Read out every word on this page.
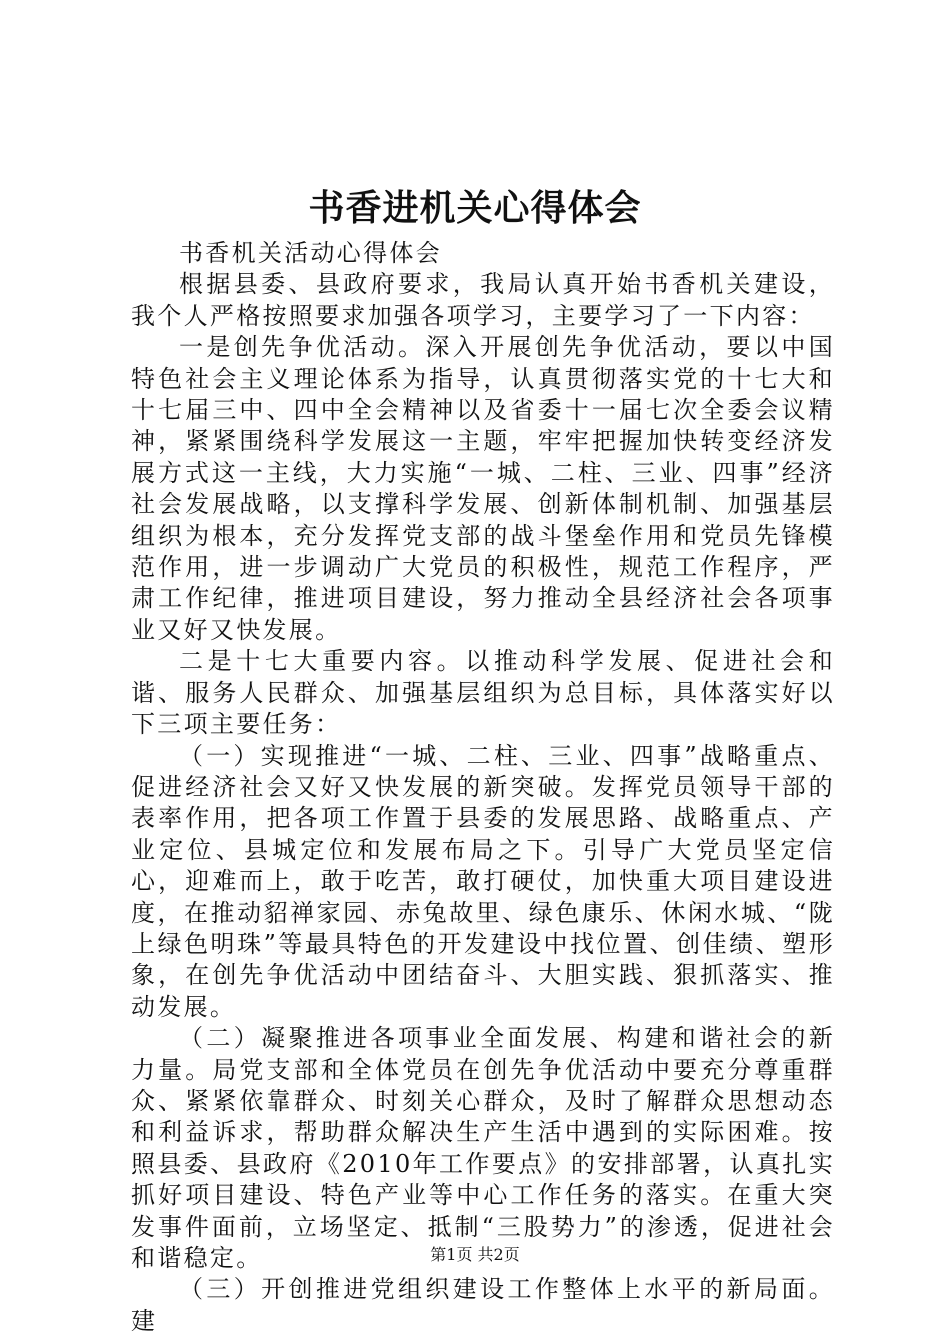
书香进机关心得体会

书香机关活动心得体会

根据县委、县政府要求，我局认真开始书香机关建设，我个人严格按照要求加强各项学习，主要学习了一下内容：

一是创先争优活动。深入开展创先争优活动，要以中国特色社会主义理论体系为指导，认真贯彻落实党的十七大和十七届三中、四中全会精神以及省委十一届七次全委会议精神，紧紧围绕科学发展这一主题，牢牢把握加快转变经济发展方式这一主线，大力实施“一城、二柱、三业、四事”经济社会发展战略，以支撑科学发展、创新体制机制、加强基层组织为根本，充分发挥党支部的战斗堡垒作用和党员先锋模范作用，进一步调动广大党员的积极性，规范工作程序，严肃工作纪律，推进项目建设，努力推动全县经济社会各项事业又好又快发展。

二是十七大重要内容。以推动科学发展、促进社会和谐、服务人民群众、加强基层组织为总目标，具体落实好以下三项主要任务：

（一）实现推进“一城、二柱、三业、四事”战略重点、促进经济社会又好又快发展的新突破。发挥党员领导干部的表率作用，把各项工作置于县委的发展思路、战略重点、产业定位、县城定位和发展布局之下。引导广大党员坚定信心，迎难而上，敢于吃苦，敢打硬仗，加快重大项目建设进度，在推动貂禅家园、赤兔故里、绿色康乐、休闲水城、“陇上绿色明珠”等最具特色的开发建设中找位置、创佳绩、塑形象，在创先争优活动中团结奋斗、大胆实践、狠抓落实、推动发展。

（二）凝聚推进各项事业全面发展、构建和谐社会的新力量。局党支部和全体党员在创先争优活动中要充分尊重群众、紧紧依靠群众、时刻关心群众，及时了解群众思想动态和利益诉求，帮助群众解决生产生活中遇到的实际困难。按照县委、县政府《2010年工作要点》的安排部署，认真扎实抓好项目建设、特色产业等中心工作任务的落实。在重大突发事件面前，立场坚定、抵制“三股势力”的渗透，促进社会和谐稳定。

（三）开创推进党组织建设工作整体上水平的新局面。建

第1页 共2页
